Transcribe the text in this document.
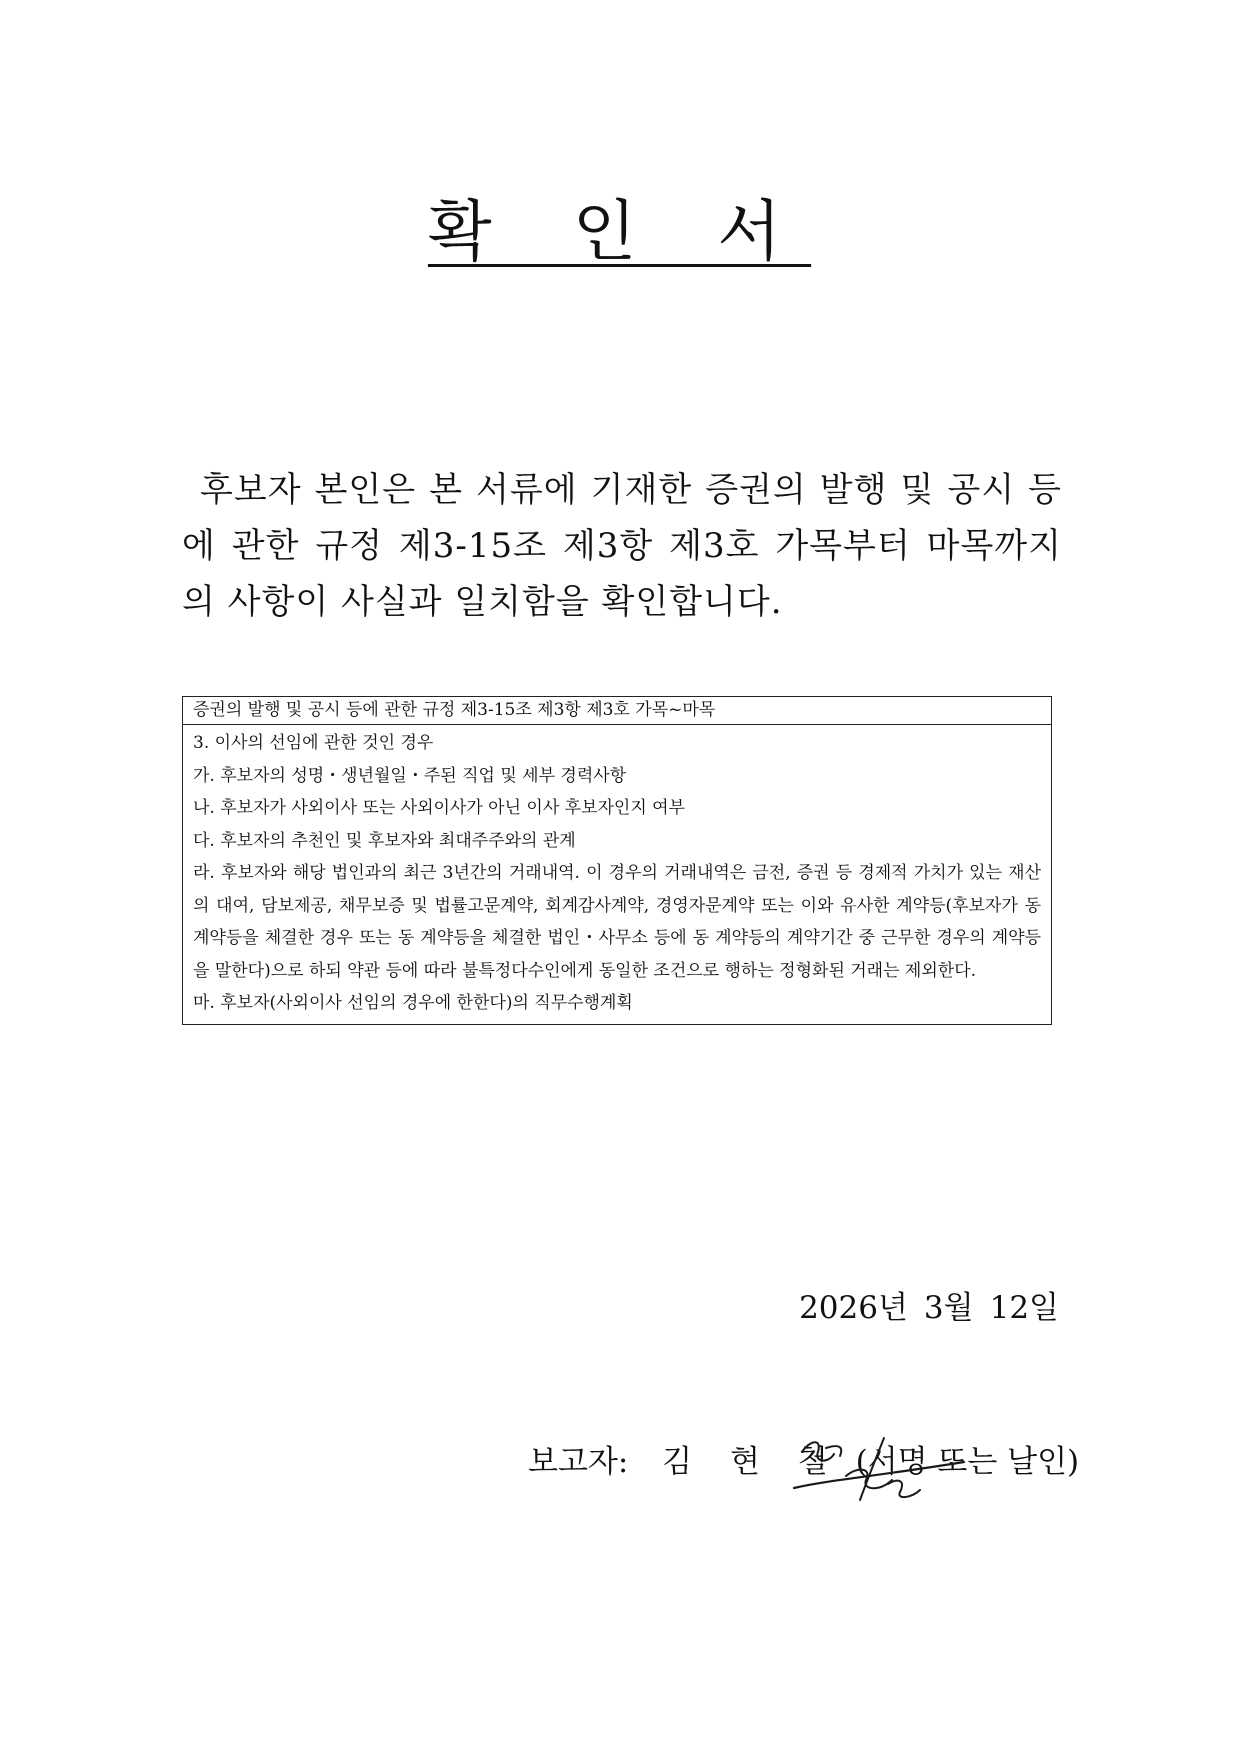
확 인 서
후보자 본인은 본 서류에 기재한 증권의 발행 및 공시 등에 관한 규정 제3-15조 제3항 제3호 가목부터 마목까지의 사항이 사실과 일치함을 확인합니다.
증권의 발행 및 공시 등에 관한 규정 제3-15조 제3항 제3호 가목~마목

3. 이사의 선임에 관한 것인 경우

가. 후보자의 성명・생년월일・주된 직업 및 세부 경력사항

나. 후보자가 사외이사 또는 사외이사가 아닌 이사 후보자인지 여부

다. 후보자의 추천인 및 후보자와 최대주주와의 관계

라. 후보자와 해당 법인과의 최근 3년간의 거래내역. 이 경우의 거래내역은 금전, 증권 등 경제적 가치가 있는 재산의 대여, 담보제공, 채무보증 및 법률고문계약, 회계감사계약, 경영자문계약 또는 이와 유사한 계약등(후보자가 동 계약등을 체결한 경우 또는 동 계약등을 체결한 법인・사무소 등에 동 계약등의 계약기간 중 근무한 경우의 계약등을 말한다)으로 하되 약관 등에 따라 불특정다수인에게 동일한 조건으로 행하는 정형화된 거래는 제외한다.

마. 후보자(사외이사 선임의 경우에 한한다)의 직무수행계획

2026년 3월 12일
보고자: 김 현 철 (서명 또는 날인)
